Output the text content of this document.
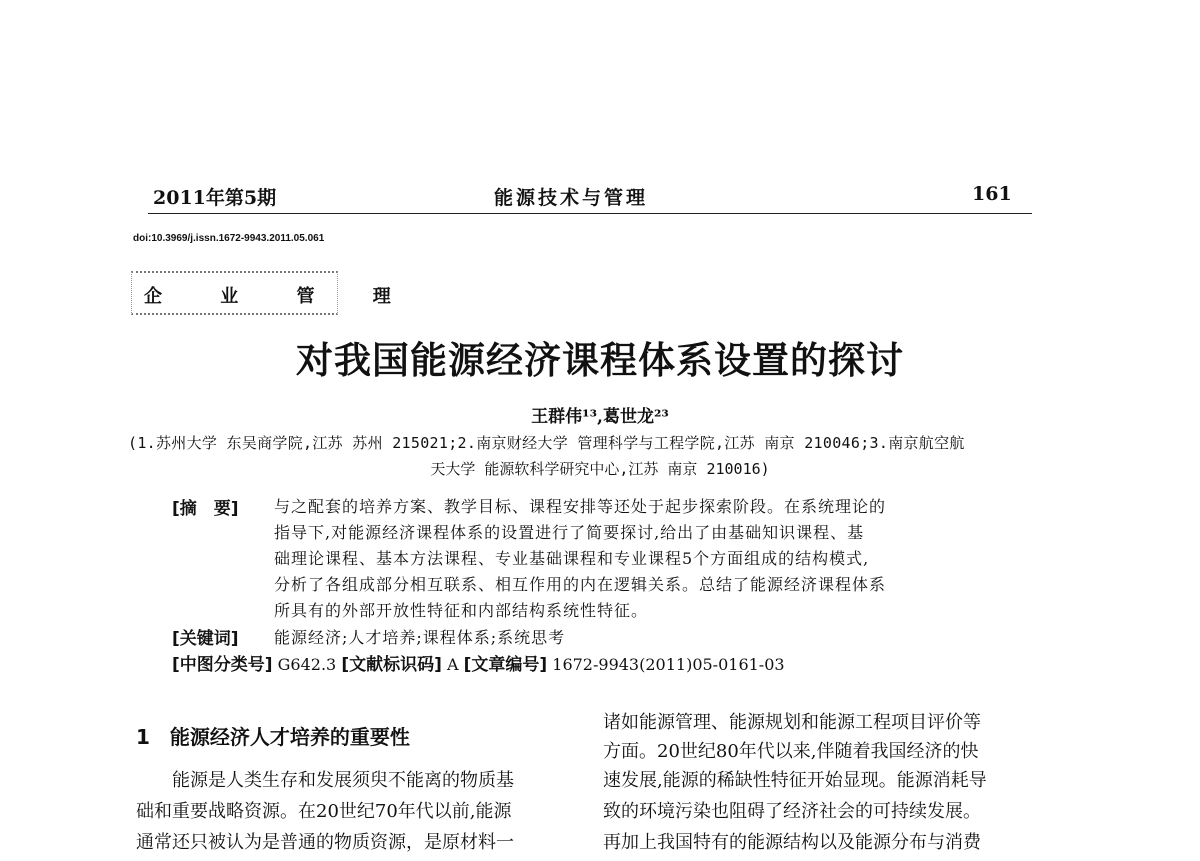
2011年第5期	能源技术与管理	161
doi:10.3969/j.issn.1672-9943.2011.05.061
企 业 管 理
对我国能源经济课程体系设置的探讨
王群伟¹³,葛世龙²³
(1.苏州大学 东吴商学院,江苏 苏州 215021;2.南京财经大学 管理科学与工程学院,江苏 南京 210046;3.南京航空航
天大学 能源软科学研究中心,江苏 南京 210016)
[摘　要] 与之配套的培养方案、教学目标、课程安排等还处于起步探索阶段。在系统理论的
指导下,对能源经济课程体系的设置进行了简要探讨,给出了由基础知识课程、基
础理论课程、基本方法课程、专业基础课程和专业课程5个方面组成的结构模式,
分析了各组成部分相互联系、相互作用的内在逻辑关系。总结了能源经济课程体系
所具有的外部开放性特征和内部结构系统性特征。
[关键词] 能源经济;人才培养;课程体系;系统思考
[中图分类号] G642.3 [文献标识码] A [文章编号] 1672-9943(2011)05-0161-03
1　能源经济人才培养的重要性
　　能源是人类生存和发展须臾不能离的物质基
础和重要战略资源。在20世纪70年代以前,能源
通常还只被认为是普通的物质资源，是原材料一
诸如能源管理、能源规划和能源工程项目评价等
方面。20世纪80年代以来,伴随着我国经济的快
速发展,能源的稀缺性特征开始显现。能源消耗导
致的环境污染也阻碍了经济社会的可持续发展。
再加上我国特有的能源结构以及能源分布与消费
